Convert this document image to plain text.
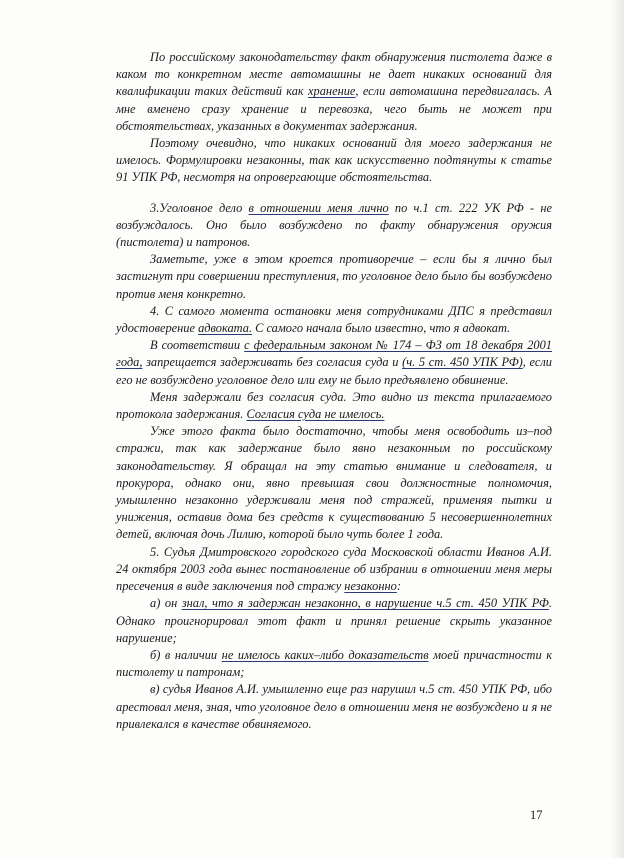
По российскому законодательству факт обнаружения пистолета даже в каком то конкретном месте автомашины не дает никаких оснований для квалификации таких действий как хранение, если автомашина передвигалась. А мне вменено сразу хранение и перевозка, чего быть не может при обстоятельствах, указанных в документах задержания.

Поэтому очевидно, что никаких оснований для моего задержания не имелось. Формулировки незаконны, так как искусственно подтянуты к статье 91 УПК РФ, несмотря на опровергающие обстоятельства.

3.Уголовное дело в отношении меня лично по ч.1 ст. 222 УК РФ - не возбуждалось. Оно было возбуждено по факту обнаружения оружия (пистолета) и патронов.

Заметьте, уже в этом кроется противоречие – если бы я лично был застигнут при совершении преступления, то уголовное дело было бы возбуждено против меня конкретно.

4. С самого момента остановки меня сотрудниками ДПС я представил удостоверение адвоката. С самого начала было известно, что я адвокат.

В соответствии с федеральным законом № 174 – ФЗ от 18 декабря 2001 года, запрещается задерживать без согласия суда и (ч. 5 ст. 450 УПК РФ), если его не возбуждено уголовное дело или ему не было предъявлено обвинение.

Меня задержали без согласия суда. Это видно из текста прилагаемого протокола задержания. Согласия суда не имелось.

Уже этого факта было достаточно, чтобы меня освободить из–под стражи, так как задержание было явно незаконным по российскому законодательству. Я обращал на эту статью внимание и следователя, и прокурора, однако они, явно превышая свои должностные полномочия, умышленно незаконно удерживали меня под стражей, применяя пытки и унижения, оставив дома без средств к существованию 5 несовершеннолетних детей, включая дочь Лилию, которой было чуть более 1 года.

5. Судья Дмитровского городского суда Московской области Иванов А.И. 24 октября 2003 года вынес постановление об избрании в отношении меня меры пресечения в виде заключения под стражу незаконно:

а) он знал, что я задержан незаконно, в нарушение ч.5 ст. 450 УПК РФ. Однако проигнорировал этот факт и принял решение скрыть указанное нарушение;

б) в наличии не имелось каких–либо доказательств моей причастности к пистолету и патронам;

в) судья Иванов А.И. умышленно еще раз нарушил ч.5 ст. 450 УПК РФ, ибо арестовал меня, зная, что уголовное дело в отношении меня не возбуждено и я не привлекался в качестве обвиняемого.

17
